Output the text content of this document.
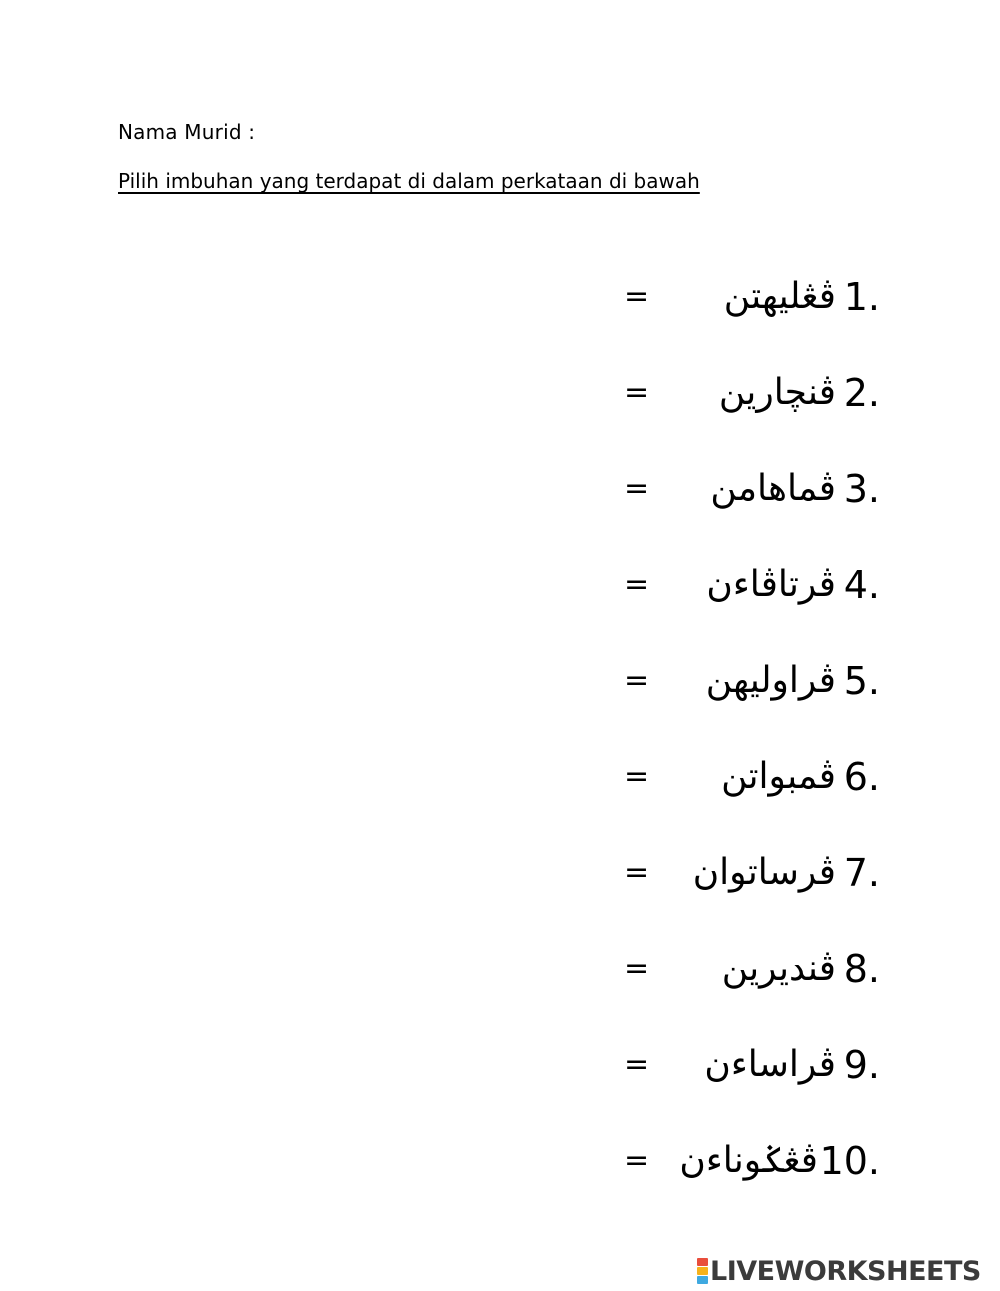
Nama Murid :
Pilih imbuhan yang terdapat di dalam perkataan di bawah
= ڤڠليهتن 1.
= ڤنچارين 2.
= ڤماهامن 3.
= ڤرتاڤاءن 4.
= ڤراوليهن 5.
= ڤمبواتن 6.
= ڤرساتوان 7.
= ڤنديرين 8.
= ڤراساءن 9.
= ڤڠݢوناءن 10.
LIVEWORKSHEETS
